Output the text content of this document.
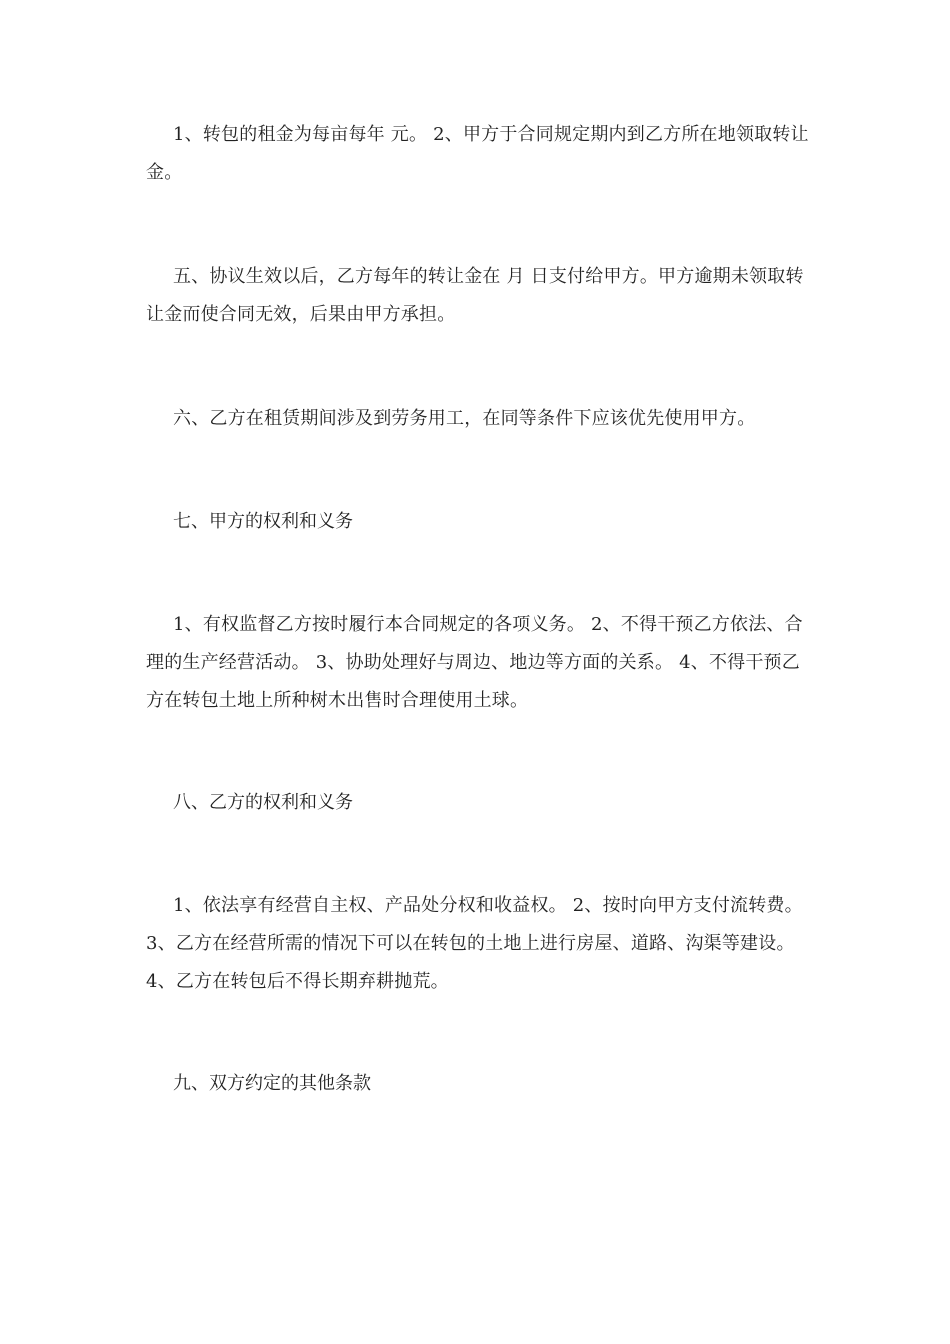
1、转包的租金为每亩每年 元。 2、甲方于合同规定期内到乙方所在地领取转让金。

五、协议生效以后，乙方每年的转让金在 月 日支付给甲方。甲方逾期未领取转让金而使合同无效，后果由甲方承担。

六、乙方在租赁期间涉及到劳务用工，在同等条件下应该优先使用甲方。

七、甲方的权利和义务

1、有权监督乙方按时履行本合同规定的各项义务。 2、不得干预乙方依法、合理的生产经营活动。 3、协助处理好与周边、地边等方面的关系。 4、不得干预乙方在转包土地上所种树木出售时合理使用土球。

八、乙方的权利和义务

1、依法享有经营自主权、产品处分权和收益权。 2、按时向甲方支付流转费。 3、乙方在经营所需的情况下可以在转包的土地上进行房屋、道路、沟渠等建设。 4、乙方在转包后不得长期弃耕抛荒。

九、双方约定的其他条款
